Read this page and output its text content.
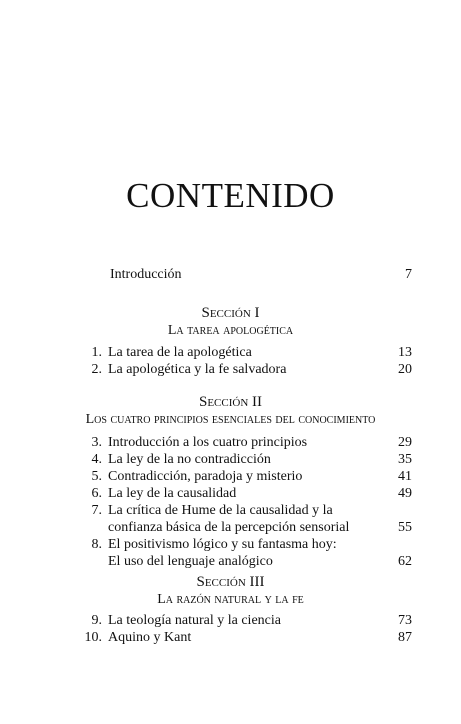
CONTENIDO
Introducción	7
Sección I
La tarea apologética
1. La tarea de la apologética	13
2. La apologética y la fe salvadora	20
Sección II
Los cuatro principios esenciales del conocimiento
3. Introducción a los cuatro principios	29
4. La ley de la no contradicción	35
5. Contradicción, paradoja y misterio	41
6. La ley de la causalidad	49
7. La crítica de Hume de la causalidad y la
confianza básica de la percepción sensorial	55
8. El positivismo lógico y su fantasma hoy:
El uso del lenguaje analógico	62
Sección III
La razón natural y la fe
9. La teología natural y la ciencia	73
10. Aquino y Kant	87
